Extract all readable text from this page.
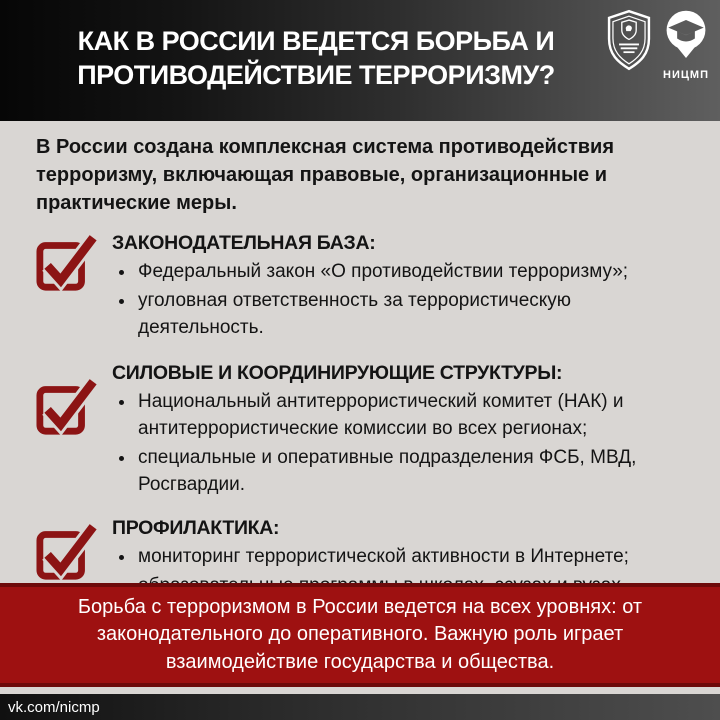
КАК В РОССИИ ВЕДЕТСЯ БОРЬБА И
ПРОТИВОДЕЙСТВИЕ ТЕРРОРИЗМУ?	НИЦМП

В России создана комплексная система противодействия терроризму, включающая правовые, организационные и практические меры.

ЗАКОНОДАТЕЛЬНАЯ БАЗА:
• Федеральный закон «О противодействии терроризму»;
• уголовная ответственность за террористическую деятельность.
СИЛОВЫЕ И КООРДИНИРУЮЩИЕ СТРУКТУРЫ:
• Национальный антитеррористический комитет (НАК) и антитеррористические комиссии во всех регионах;
• специальные и оперативные подразделения ФСБ, МВД, Росгвардии.
ПРОФИЛАКТИКА:
• мониторинг террористической активности в Интернете;
•

Борьба с терроризмом в России ведется на всех уровнях: от законодательного до оперативного. Важную роль играет взаимодействие государства и общества.

vk.com/nicmp
